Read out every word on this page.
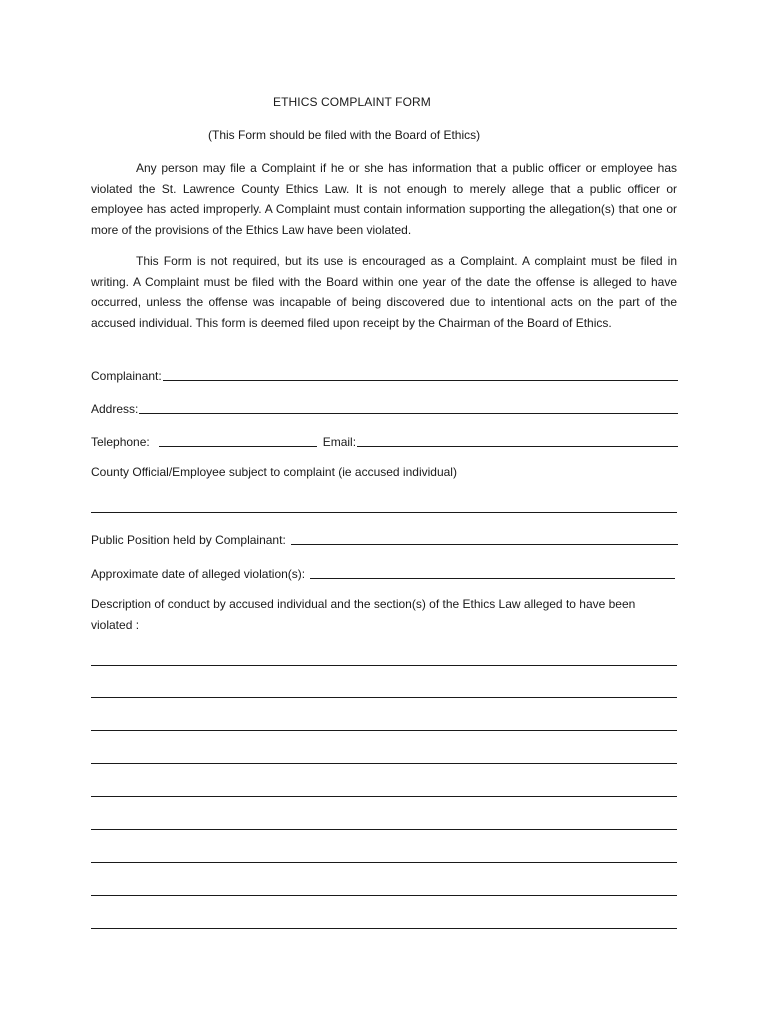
ETHICS COMPLAINT FORM
(This Form should be filed with the Board of Ethics)
Any person may file a Complaint if he or she has information that a public officer or employee has violated the St. Lawrence County Ethics Law. It is not enough to merely allege that a public officer or employee has acted improperly. A Complaint must contain information supporting the allegation(s) that one or more of the provisions of the Ethics Law have been violated.
This Form is not required, but its use is encouraged as a Complaint. A complaint must be filed in writing. A Complaint must be filed with the Board within one year of the date the offense is alleged to have occurred, unless the offense was incapable of being discovered due to intentional acts on the part of the accused individual. This form is deemed filed upon receipt by the Chairman of the Board of Ethics.
Complainant:
Address:
Telephone:	Email:
County Official/Employee subject to complaint (ie accused individual)
Public Position held by Complainant:
Approximate date of alleged violation(s):
Description of conduct by accused individual and the section(s) of the Ethics Law alleged to have been violated :
